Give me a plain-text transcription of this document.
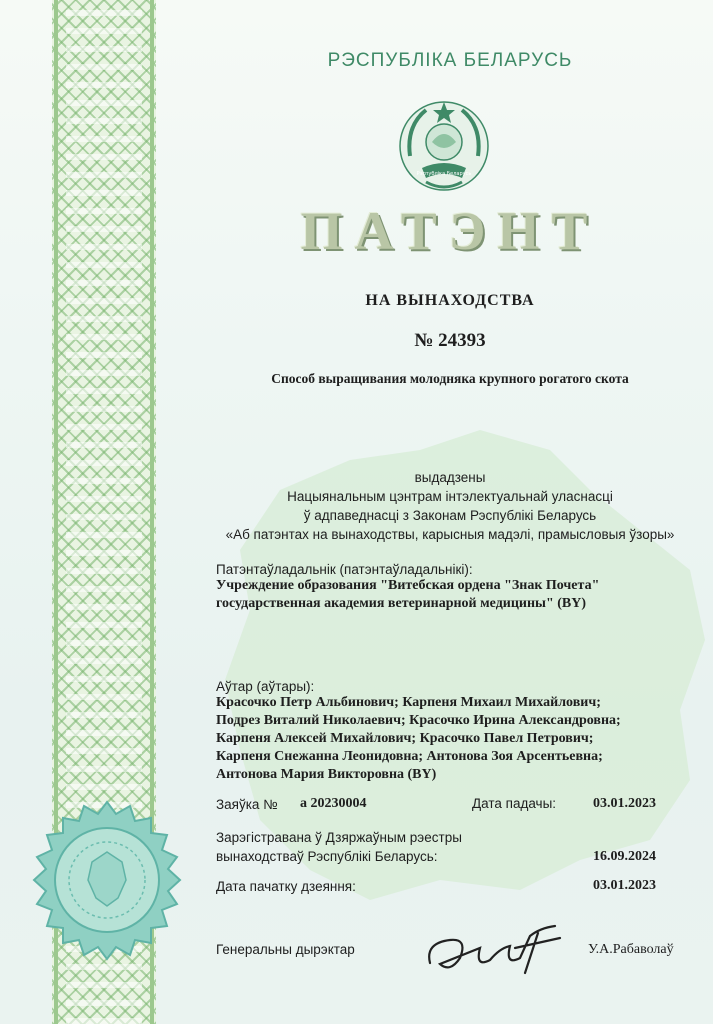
РЭСПУБЛІКА БЕЛАРУСЬ
Рэспубліка Беларусь
ПАТЭНТ
НА ВЫНАХОДСТВА
№ 24393
Способ выращивания молодняка крупного рогатого скота
выдадзены
Нацыянальным цэнтрам інтэлектуальнай уласнасці
ў адпаведнасці з Законам Рэспублікі Беларусь
«Аб патэнтах на вынаходствы, карысныя мадэлі, прамысловыя ўзоры»
Патэнтаўладальнік (патэнтаўладальнікі):
Учреждение образования "Витебская ордена "Знак Почета"
государственная академия ветеринарной медицины" (BY)
Аўтар (аўтары):
Красочко Петр Альбинович; Карпеня Михаил Михайлович;
Подрез Виталий Николаевич; Красочко Ирина Александровна;
Карпеня Алексей Михайлович; Красочко Павел Петрович;
Карпеня Снежанна Леонидовна; Антонова Зоя Арсентьевна;
Антонова Мария Викторовна (BY)
Заяўка № а 20230004	Дата падачы:	03.01.2023
Зарэгістравана ў Дзяржаўным рэестры
вынаходстваў Рэспублікі Беларусь:	16.09.2024
Дата пачатку дзеяння:	03.01.2023
Генеральны дырэктар	У.А.Рабаволаў
